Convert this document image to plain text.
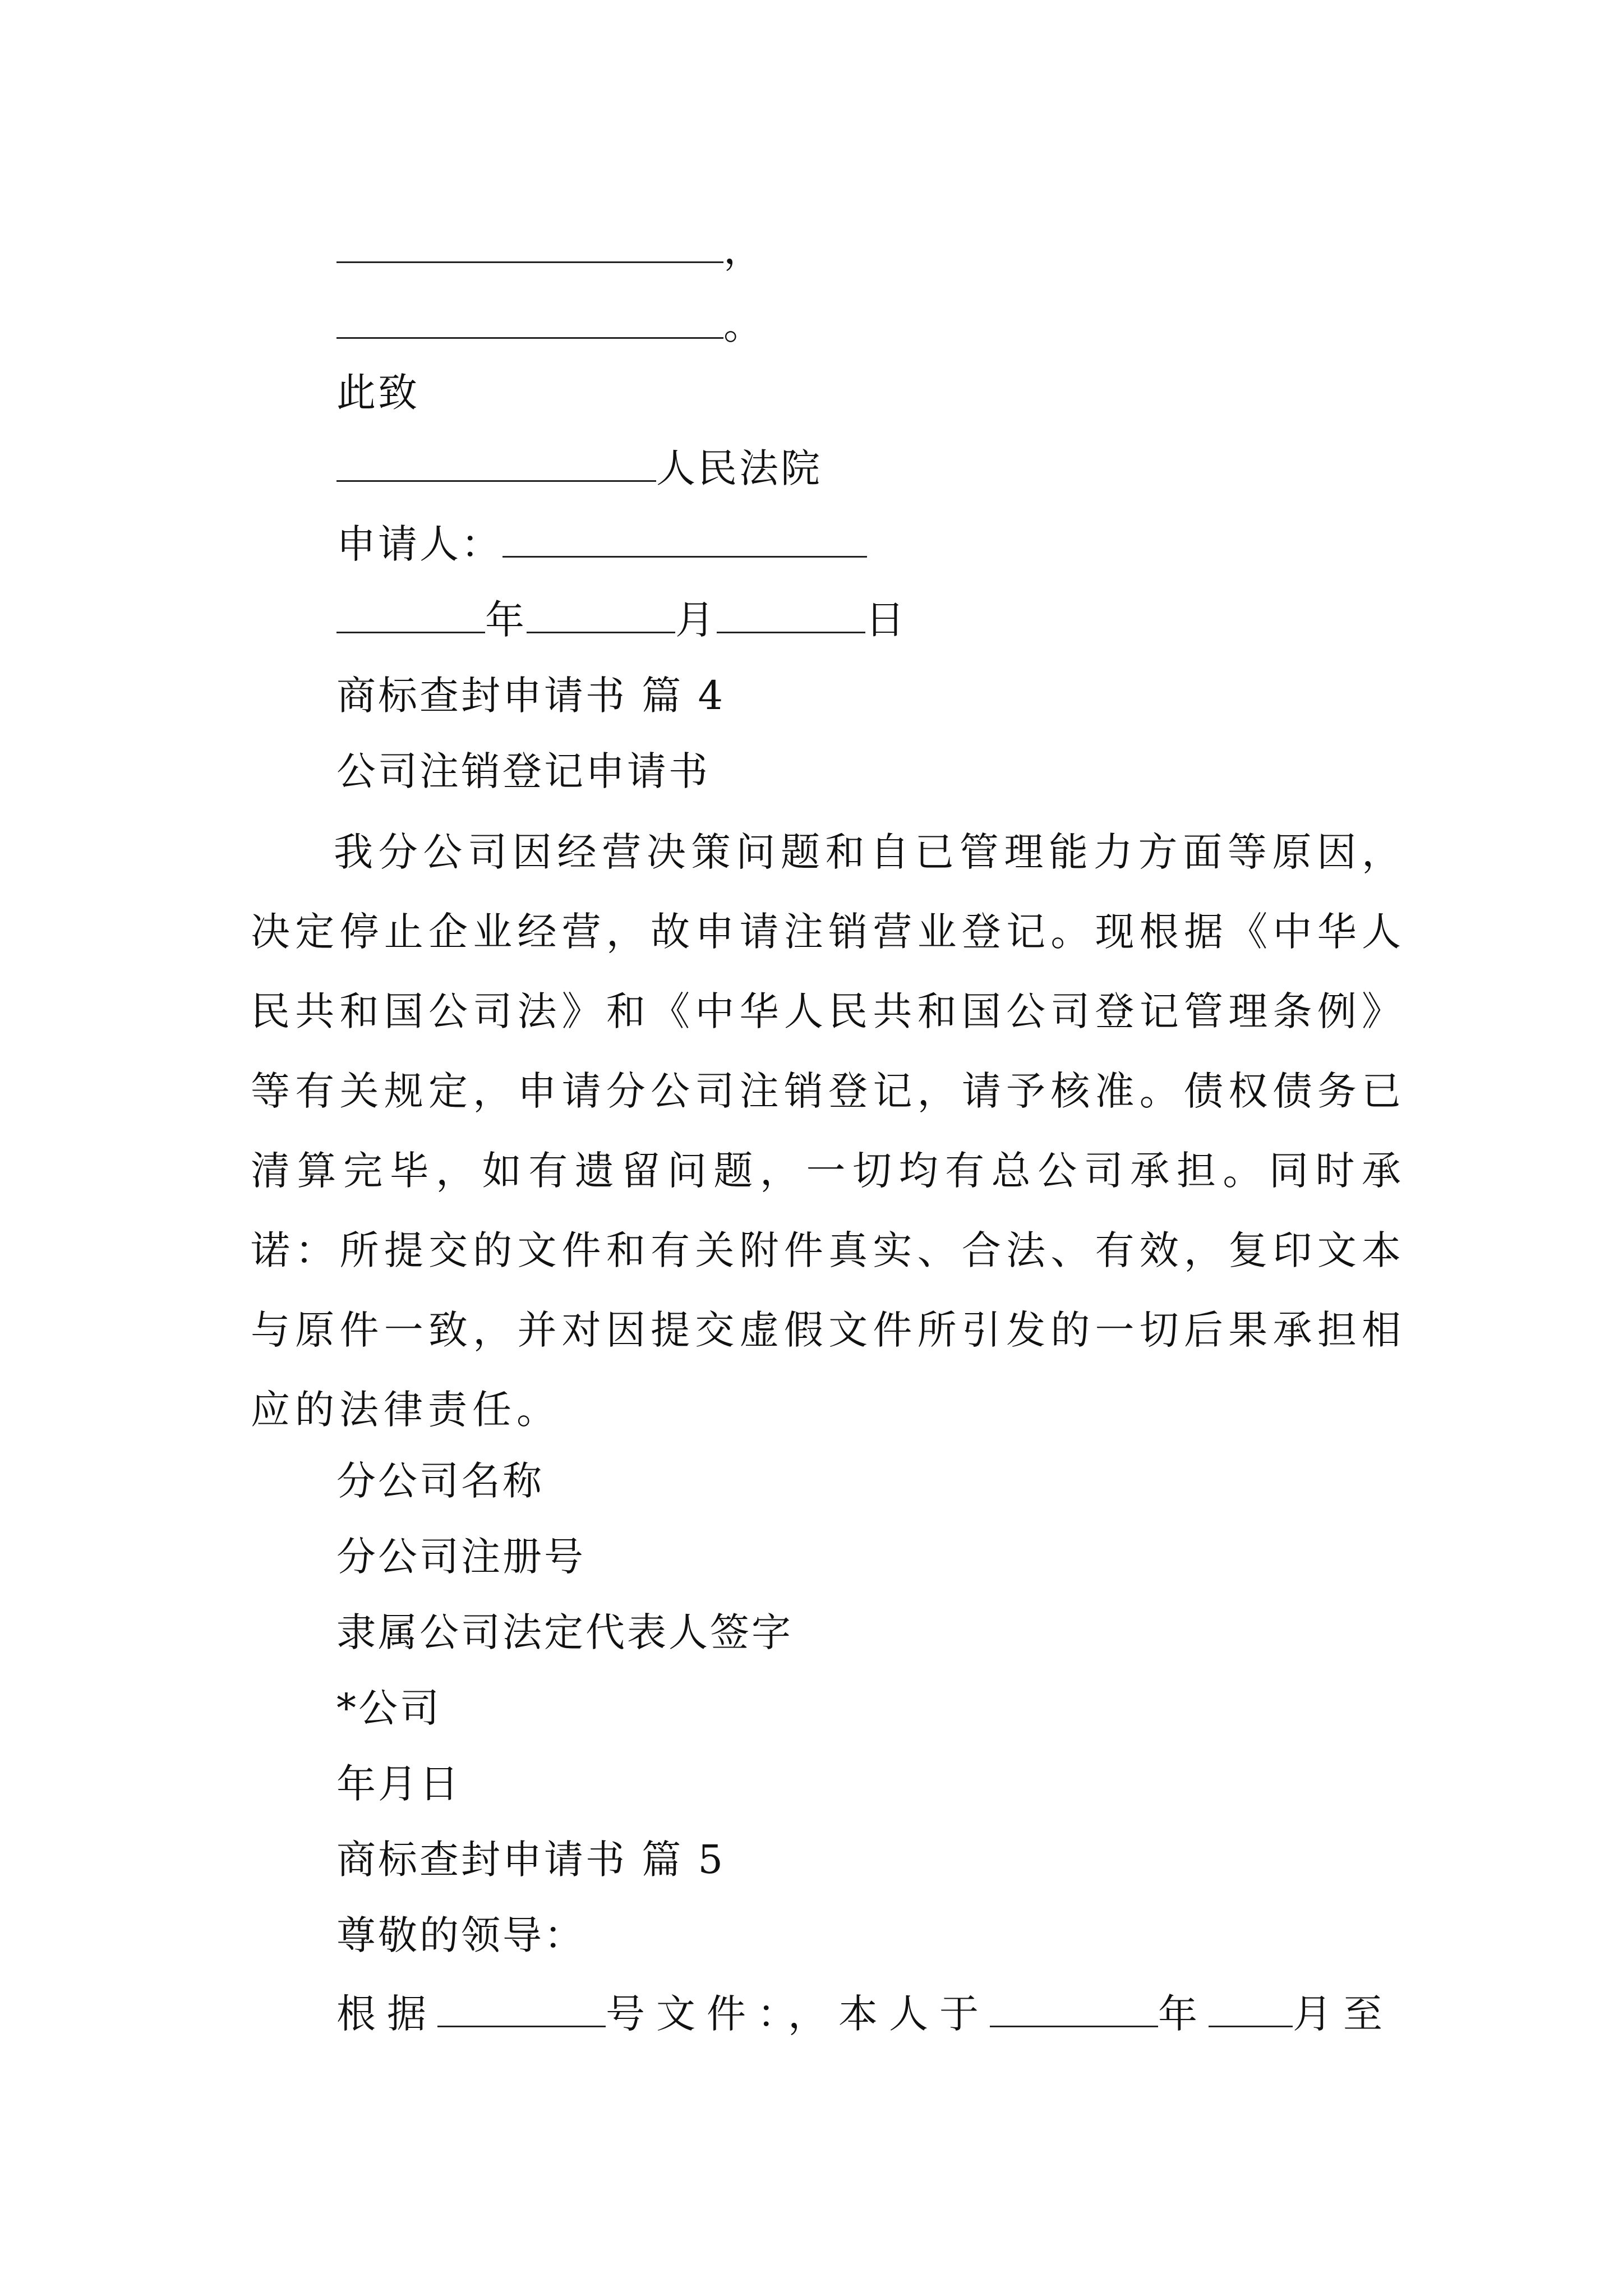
，
。
此致
人民法院
申请人：
年	月	日
商标查封申请书 篇 4
公司注销登记申请书
我分公司因经营决策问题和自已管理能力方面等原因，决定停止企业经营，故申请注销营业登记。现根据《中华人民共和国公司法》和《中华人民共和国公司登记管理条例》等有关规定，申请分公司注销登记，请予核准。债权债务已清算完毕，如有遗留问题，一切均有总公司承担。同时承诺：所提交的文件和有关附件真实、合法、有效，复印文本与原件一致，并对因提交虚假文件所引发的一切后果承担相应的法律责任。
分公司名称
分公司注册号
隶属公司法定代表人签字
*公司
年月日
商标查封申请书 篇 5
尊敬的领导：
根据	号文件：，本人于	年 月至
